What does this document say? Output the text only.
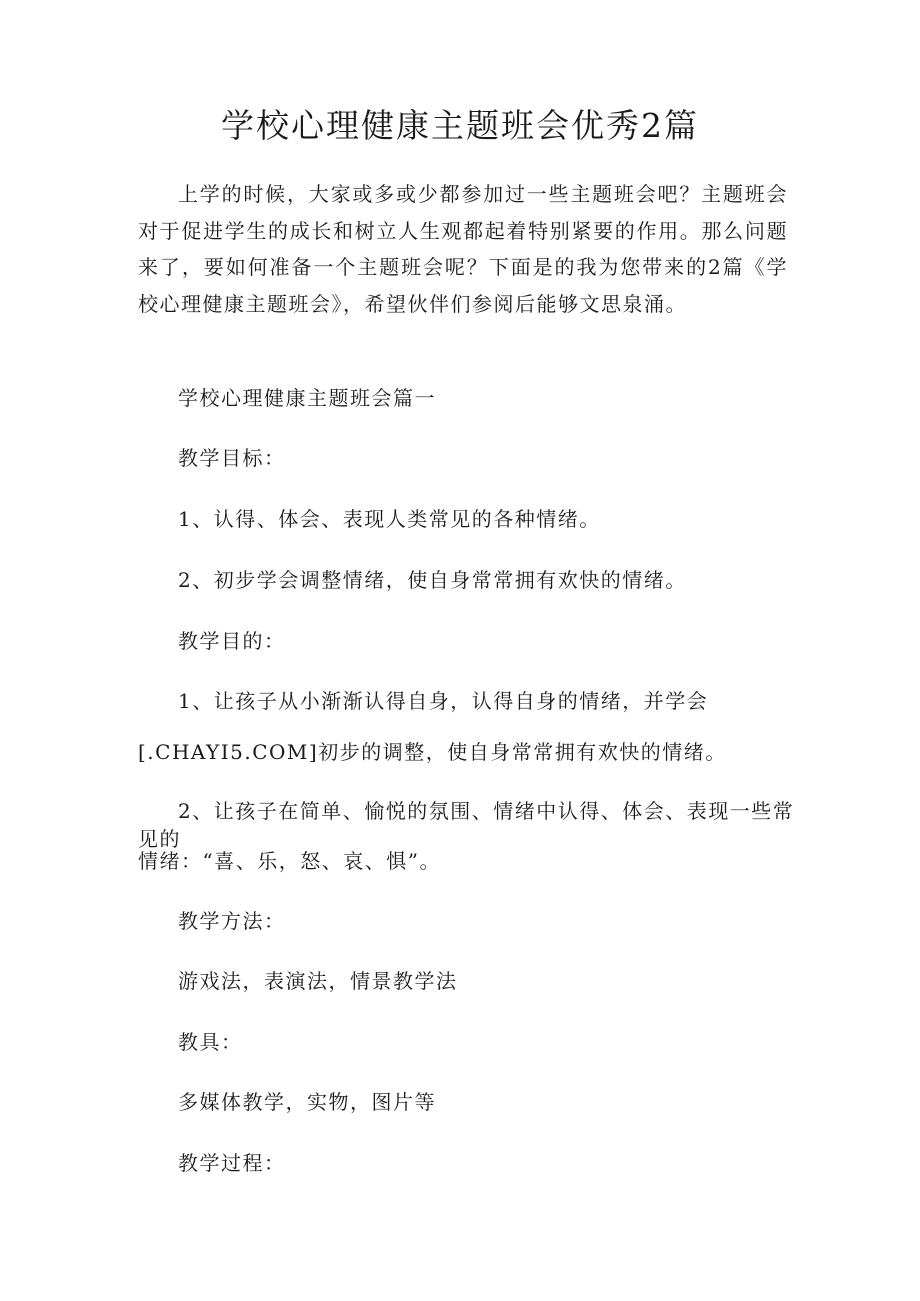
学校心理健康主题班会优秀2篇

上学的时候，大家或多或少都参加过一些主题班会吧？主题班会对于促进学生的成长和树立人生观都起着特别紧要的作用。那么问题来了，要如何准备一个主题班会呢？下面是的我为您带来的2篇《学校心理健康主题班会》，希望伙伴们参阅后能够文思泉涌。

学校心理健康主题班会篇一

教学目标：

1、认得、体会、表现人类常见的各种情绪。

2、初步学会调整情绪，使自身常常拥有欢快的情绪。

教学目的：

1、让孩子从小渐渐认得自身，认得自身的情绪，并学会

[.CHAYI5.COM]初步的调整，使自身常常拥有欢快的情绪。

2、让孩子在简单、愉悦的氛围、情绪中认得、体会、表现一些常见的

情绪：“喜、乐，怒、哀、惧”。

教学方法：

游戏法，表演法，情景教学法

教具：

多媒体教学，实物，图片等

教学过程：
